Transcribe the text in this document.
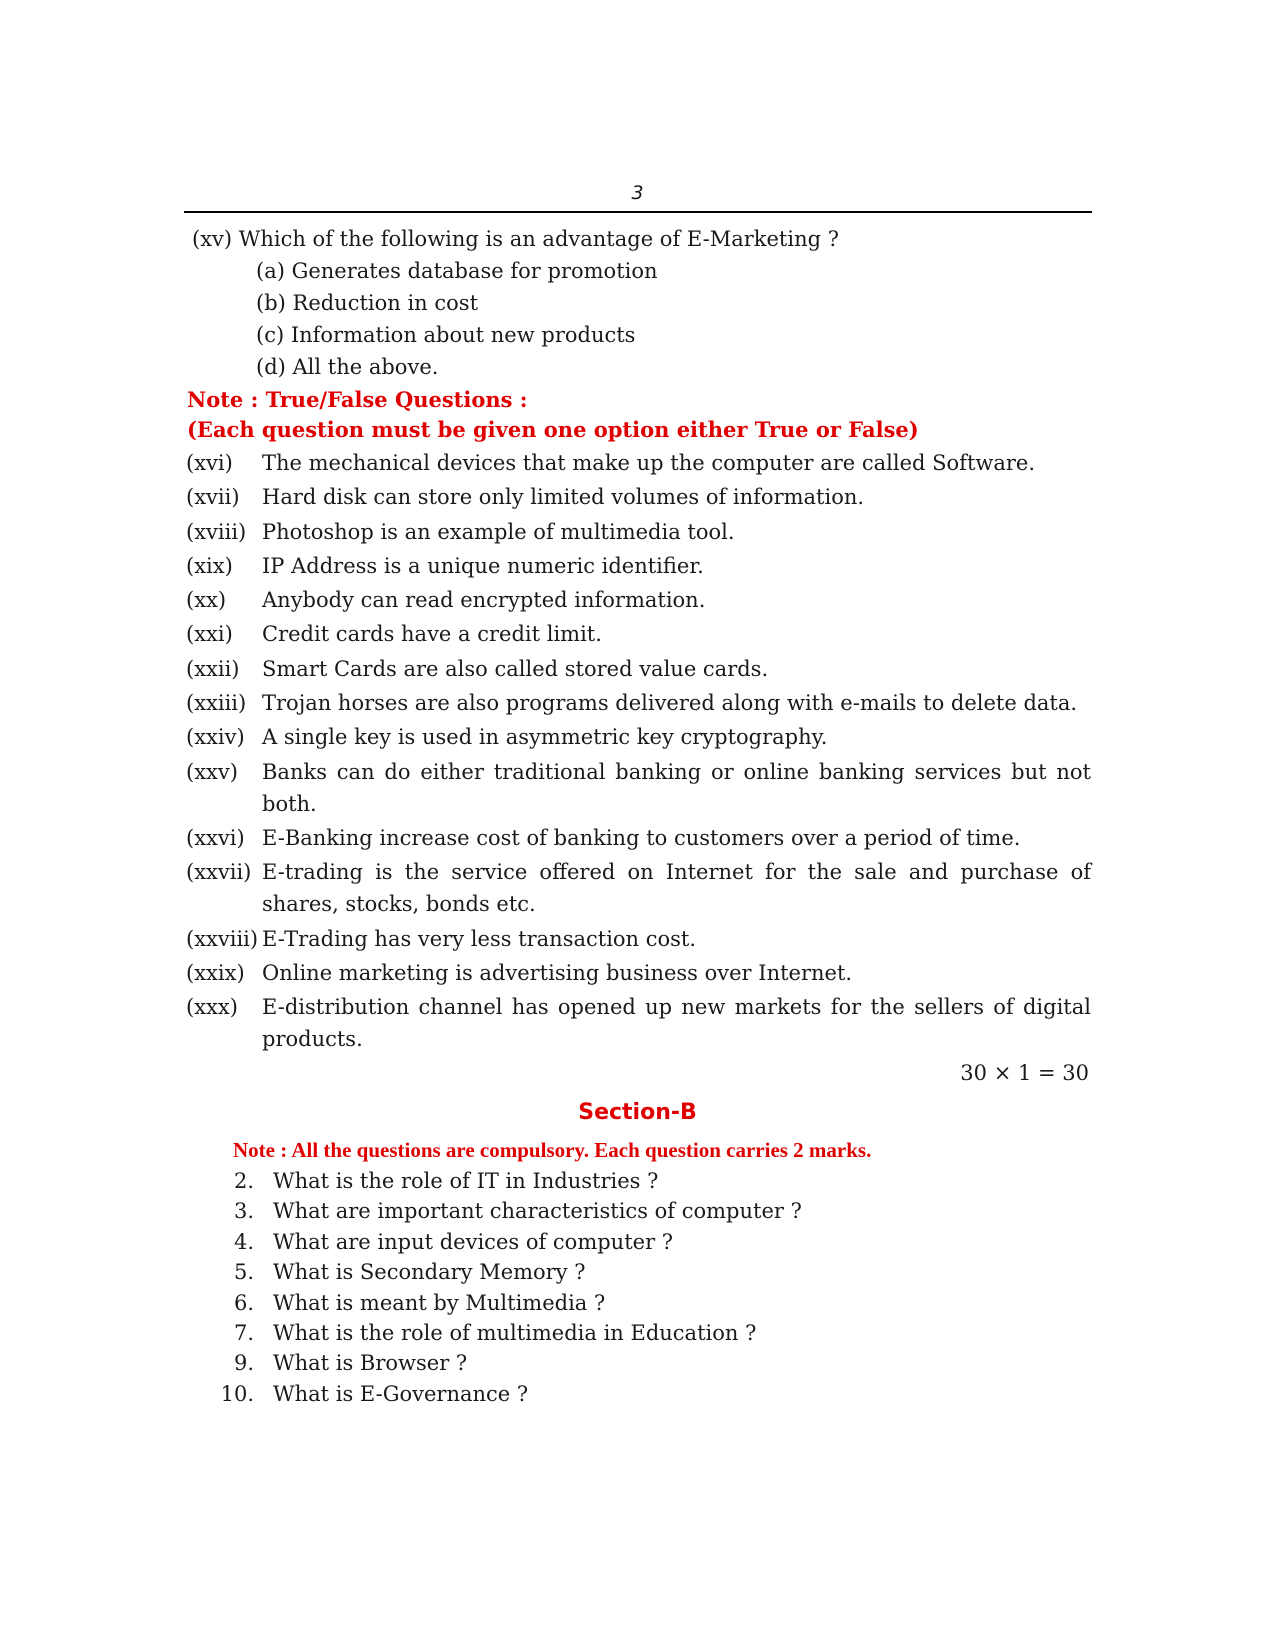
3
(xv) Which of the following is an advantage of E-Marketing ?
(a) Generates database for promotion
(b) Reduction in cost
(c) Information about new products
(d) All the above.
Note : True/False Questions :
(Each question must be given one option either True or False)
(xvi)	The mechanical devices that make up the computer are called Software.
(xvii)	Hard disk can store only limited volumes of information.
(xviii) Photoshop is an example of multimedia tool.
(xix)	IP Address is a unique numeric identifier.
(xx)	Anybody can read encrypted information.
(xxi)	Credit cards have a credit limit.
(xxii)	Smart Cards are also called stored value cards.
(xxiii) Trojan horses are also programs delivered along with e-mails to delete data.
(xxiv) A single key is used in asymmetric key cryptography.
(xxv)	Banks can do either traditional banking or online banking services but not both.
(xxvi) E-Banking increase cost of banking to customers over a period of time.
(xxvii) E-trading is the service offered on Internet for the sale and purchase of shares, stocks, bonds etc.
(xxviii) E-Trading has very less transaction cost.
(xxix) Online marketing is advertising business over Internet.
(xxx)	E-distribution channel has opened up new markets for the sellers of digital products.
30 × 1 = 30
Section-B
Note : All the questions are compulsory. Each question carries 2 marks.
2. What is the role of IT in Industries ?
3. What are important characteristics of computer ?
4. What are input devices of computer ?
5. What is Secondary Memory ?
6. What is meant by Multimedia ?
7. What is the role of multimedia in Education ?
9. What is Browser ?
10. What is E-Governance ?
